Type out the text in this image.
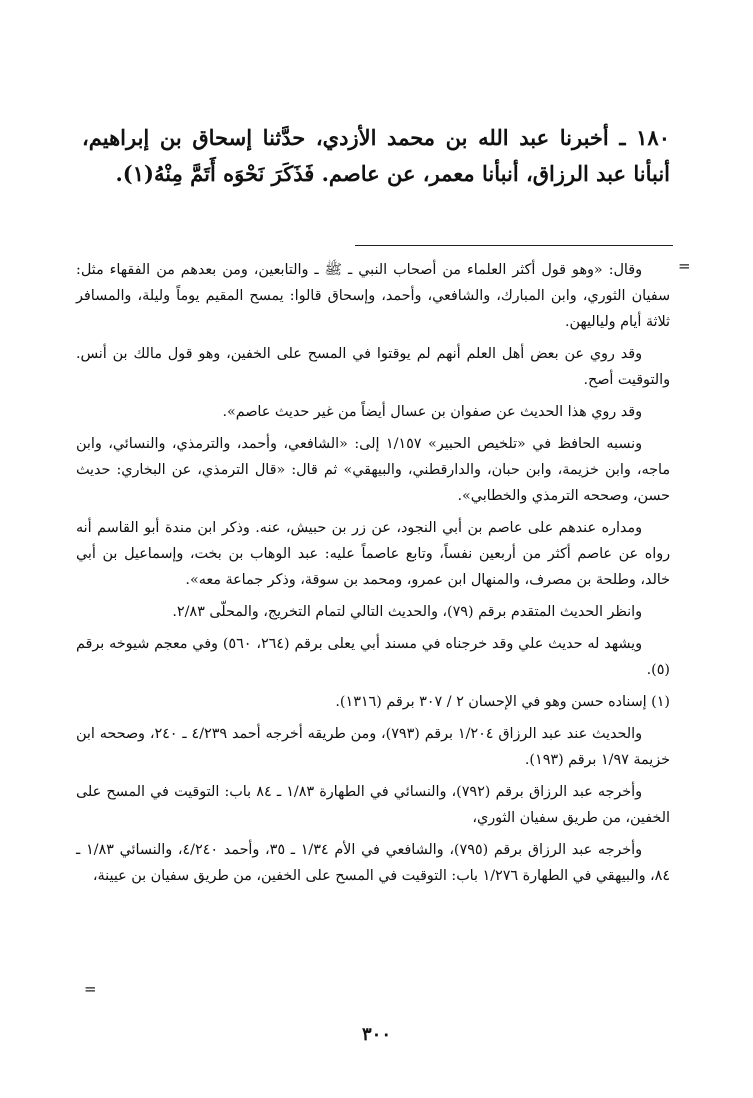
١٨٠ ـ أخبرنا عبد الله بن محمد الأزدي، حدَّثنا إسحاق بن إبراهيم، أنبأنا عبد الرزاق، أنبأنا معمر، عن عاصم. فَذَكَرَ نَحْوَه أَتَمَّ مِنْهُ(١).

=

وقال: «وهو قول أكثر العلماء من أصحاب النبي ـ ﷺ ـ والتابعين، ومن بعدهم من الفقهاء مثل: سفيان الثوري، وابن المبارك، والشافعي، وأحمد، وإسحاق قالوا: يمسح المقيم يوماً وليلة، والمسافر ثلاثة أيام ولياليهن.

وقد روي عن بعض أهل العلم أنهم لم يوقتوا في المسح على الخفين، وهو قول مالك بن أنس. والتوقيت أصح.

وقد روي هذا الحديث عن صفوان بن عسال أيضاً من غير حديث عاصم».

ونسبه الحافظ في «تلخيص الحبير» ١/١٥٧ إلى: «الشافعي، وأحمد، والترمذي، والنسائي، وابن ماجه، وابن خزيمة، وابن حبان، والدارقطني، والبيهقي» ثم قال: «قال الترمذي، عن البخاري: حديث حسن، وصححه الترمذي والخطابي».

ومداره عندهم على عاصم بن أبي النجود، عن زر بن حبيش، عنه. وذكر ابن مندة أبو القاسم أنه رواه عن عاصم أكثر من أربعين نفساً، وتابع عاصماً عليه: عبد الوهاب بن بخت، وإسماعيل بن أبي خالد، وطلحة بن مصرف، والمنهال ابن عمرو، ومحمد بن سوقة، وذكر جماعة معه».

وانظر الحديث المتقدم برقم (٧٩)، والحديث التالي لتمام التخريج، والمحلّى ٢/٨٣.

ويشهد له حديث علي وقد خرجناه في مسند أبي يعلى برقم (٢٦٤، ٥٦٠) وفي معجم شيوخه برقم (٥).

(١) إسناده حسن وهو في الإحسان ٢ / ٣٠٧ برقم (١٣١٦).

والحديث عند عبد الرزاق ١/٢٠٤ برقم (٧٩٣)، ومن طريقه أخرجه أحمد ٤/٢٣٩ ـ ٢٤٠، وصححه ابن خزيمة ١/٩٧ برقم (١٩٣).

وأخرجه عبد الرزاق برقم (٧٩٢)، والنسائي في الطهارة ١/٨٣ ـ ٨٤ باب: التوقيت في المسح على الخفين، من طريق سفيان الثوري،

وأخرجه عبد الرزاق برقم (٧٩٥)، والشافعي في الأم ١/٣٤ ـ ٣٥، وأحمد ٤/٢٤٠، والنسائي ١/٨٣ ـ ٨٤، والبيهقي في الطهارة ١/٢٧٦ باب: التوقيت في المسح على الخفين، من طريق سفيان بن عيينة،

=
٣٠٠
